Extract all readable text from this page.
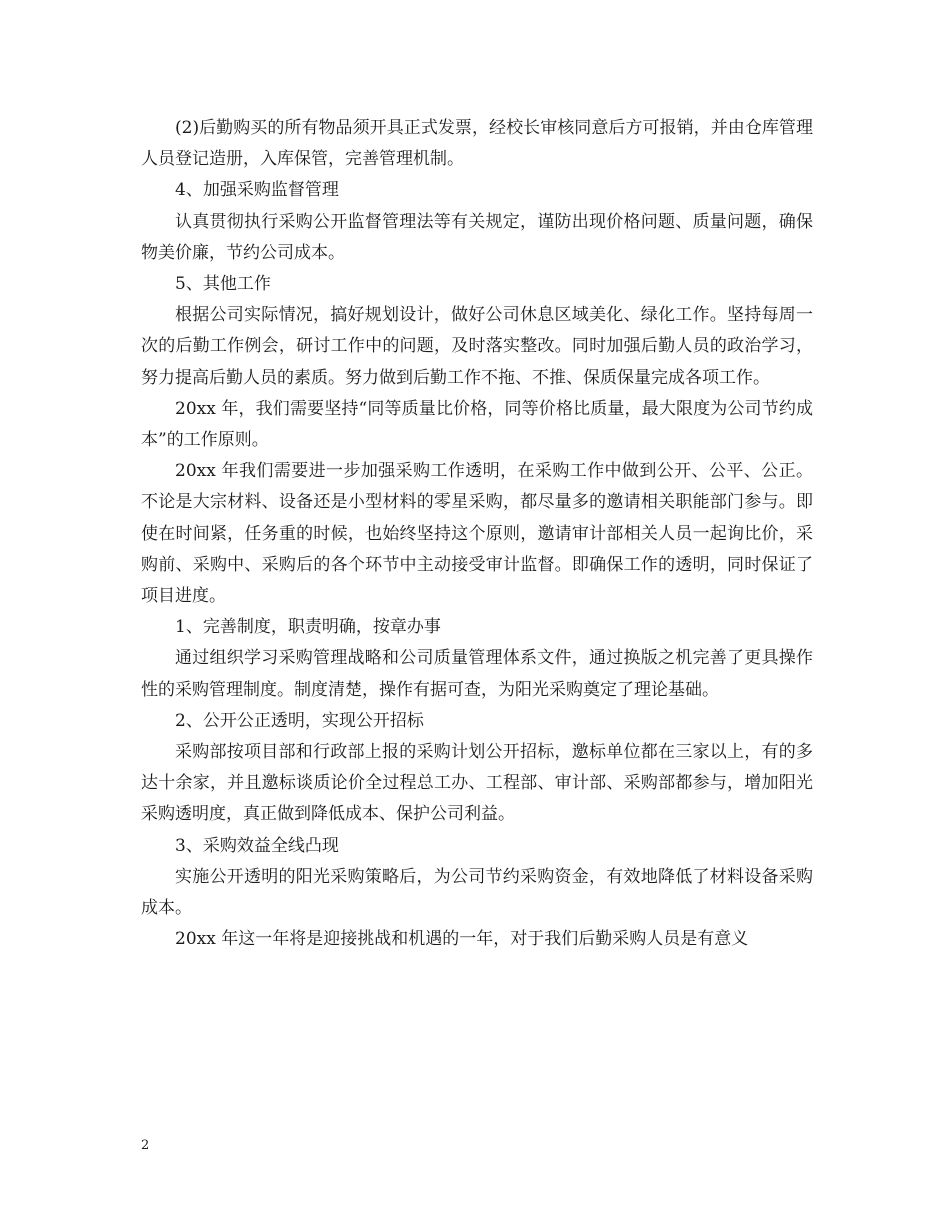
(2)后勤购买的所有物品须开具正式发票，经校长审核同意后方可报销，并由仓库管理人员登记造册，入库保管，完善管理机制。

4、加强采购监督管理

认真贯彻执行采购公开监督管理法等有关规定，谨防出现价格问题、质量问题，确保物美价廉，节约公司成本。

5、其他工作

根据公司实际情况，搞好规划设计，做好公司休息区域美化、绿化工作。坚持每周一次的后勤工作例会，研讨工作中的问题，及时落实整改。同时加强后勤人员的政治学习，努力提高后勤人员的素质。努力做到后勤工作不拖、不推、保质保量完成各项工作。

20xx 年，我们需要坚持“同等质量比价格，同等价格比质量，最大限度为公司节约成本”的工作原则。

20xx 年我们需要进一步加强采购工作透明，在采购工作中做到公开、公平、公正。不论是大宗材料、设备还是小型材料的零星采购，都尽量多的邀请相关职能部门参与。即使在时间紧，任务重的时候，也始终坚持这个原则，邀请审计部相关人员一起询比价，采购前、采购中、采购后的各个环节中主动接受审计监督。即确保工作的透明，同时保证了项目进度。

1、完善制度，职责明确，按章办事

通过组织学习采购管理战略和公司质量管理体系文件，通过换版之机完善了更具操作性的采购管理制度。制度清楚，操作有据可查，为阳光采购奠定了理论基础。

2、公开公正透明，实现公开招标

采购部按项目部和行政部上报的采购计划公开招标，邀标单位都在三家以上，有的多达十余家，并且邀标谈质论价全过程总工办、工程部、审计部、采购部都参与，增加阳光采购透明度，真正做到降低成本、保护公司利益。

3、采购效益全线凸现

实施公开透明的阳光采购策略后，为公司节约采购资金，有效地降低了材料设备采购成本。

20xx 年这一年将是迎接挑战和机遇的一年，对于我们后勤采购人员是有意义

2
